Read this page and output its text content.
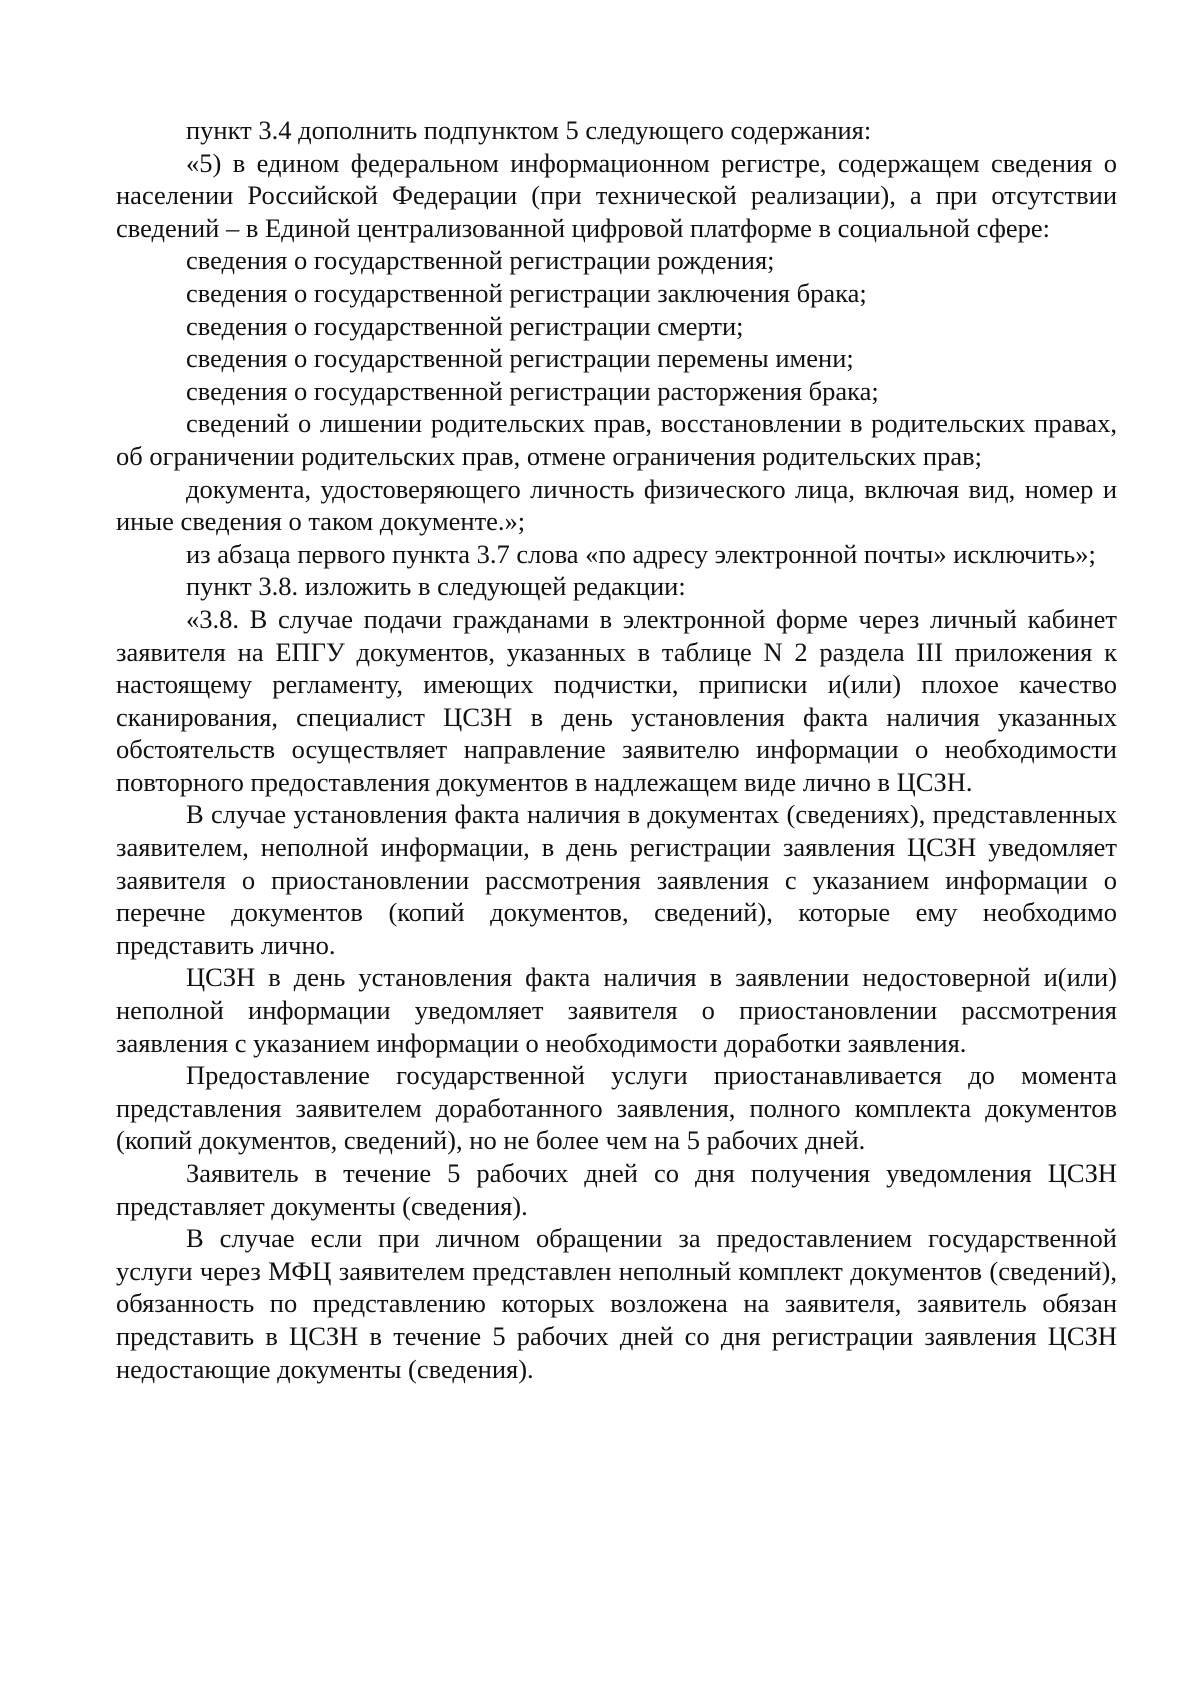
пункт 3.4 дополнить подпунктом 5 следующего содержания:

«5) в едином федеральном информационном регистре, содержащем сведения о населении Российской Федерации (при технической реализации), а при отсутствии сведений – в Единой централизованной цифровой платформе в социальной сфере:

сведения о государственной регистрации рождения;

сведения о государственной регистрации заключения брака;

сведения о государственной регистрации смерти;

сведения о государственной регистрации перемены имени;

сведения о государственной регистрации расторжения брака;

сведений о лишении родительских прав, восстановлении в родительских правах, об ограничении родительских прав, отмене ограничения родительских прав;

документа, удостоверяющего личность физического лица, включая вид, номер и иные сведения о таком документе.»;

из абзаца первого пункта 3.7 слова «по адресу электронной почты» исключить»;

пункт 3.8. изложить в следующей редакции:

«3.8. В случае подачи гражданами в электронной форме через личный кабинет заявителя на ЕПГУ документов, указанных в таблице N 2 раздела III приложения к настоящему регламенту, имеющих подчистки, приписки и(или) плохое качество сканирования, специалист ЦСЗН в день установления факта наличия указанных обстоятельств осуществляет направление заявителю информации о необходимости повторного предоставления документов в надлежащем виде лично в ЦСЗН.

В случае установления факта наличия в документах (сведениях), представленных заявителем, неполной информации, в день регистрации заявления ЦСЗН уведомляет заявителя о приостановлении рассмотрения заявления с указанием информации о перечне документов (копий документов, сведений), которые ему необходимо представить лично.

ЦСЗН в день установления факта наличия в заявлении недостоверной и(или) неполной информации уведомляет заявителя о приостановлении рассмотрения заявления с указанием информации о необходимости доработки заявления.

Предоставление государственной услуги приостанавливается до момента представления заявителем доработанного заявления, полного комплекта документов (копий документов, сведений), но не более чем на 5 рабочих дней.

Заявитель в течение 5 рабочих дней со дня получения уведомления ЦСЗН представляет документы (сведения).

В случае если при личном обращении за предоставлением государственной услуги через МФЦ заявителем представлен неполный комплект документов (сведений), обязанность по представлению которых возложена на заявителя, заявитель обязан представить в ЦСЗН в течение 5 рабочих дней со дня регистрации заявления ЦСЗН недостающие документы (сведения).
